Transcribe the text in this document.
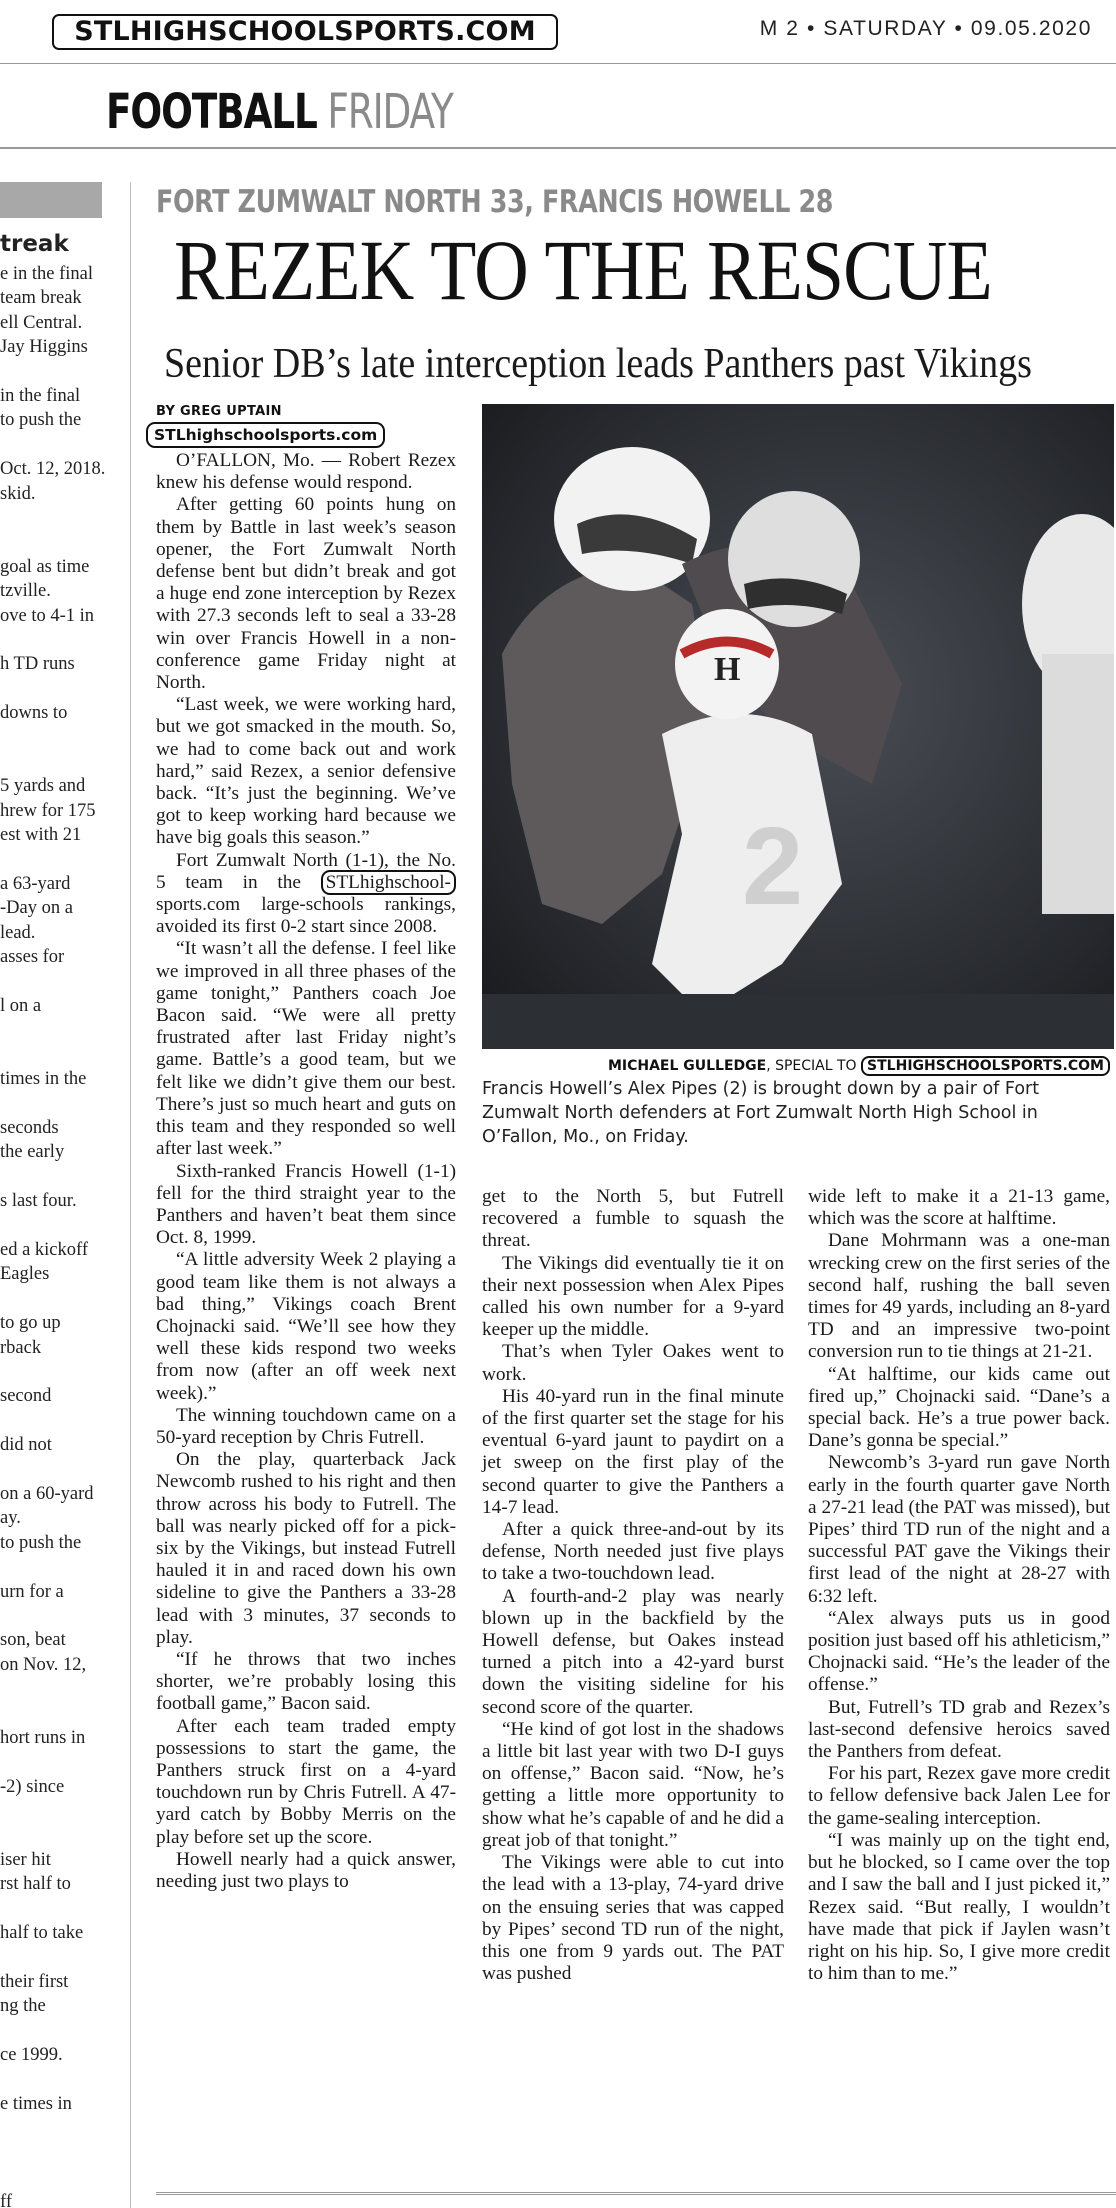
STLHIGHSCHOOLSPORTS.COM	M 2 • SATURDAY • 09.05.2020
FOOTBALL FRIDAY
treak
e in the final
team break
ell Central.
Jay Higgins
in the final
to push the
Oct. 12, 2018.
skid.
goal as time
tzville.
ove to 4-1 in
h TD runs
downs to
5 yards and
hrew for 175
est with 21
a 63-yard
-Day on a
lead.
asses for
l on a
times in the
seconds
the early
s last four.
ed a kickoff
Eagles
to go up
rback
second
did not
on a 60-yard
ay.
to push the
urn for a
son, beat
on Nov. 12,
hort runs in
-2) since
iser hit
rst half to
half to take
their first
ng the
ce 1999.
e times in
ff
FORT ZUMWALT NORTH 33, FRANCIS HOWELL 28
REZEK TO THE RESCUE
Senior DB’s late interception leads Panthers past Vikings
BY GREG UPTAIN
STLhighschoolsports.com
H
2
MICHAEL GULLEDGE, SPECIAL TO STLHIGHSCHOOLSPORTS.COM
Francis Howell’s Alex Pipes (2) is brought down by a pair of Fort Zumwalt North defenders at Fort Zumwalt North High School in O’Fallon, Mo., on Friday.

O’FALLON, Mo. — Robert Rezex knew his defense would respond.

After getting 60 points hung on them by Battle in last week’s season opener, the Fort Zumwalt North defense bent but didn’t break and got a huge end zone interception by Rezex with 27.3 seconds left to seal a 33-28 win over Francis Howell in a non-conference game Friday night at North.

“Last week, we were working hard, but we got smacked in the mouth. So, we had to come back out and work hard,” said Rezex, a senior defensive back. “It’s just the beginning. We’ve got to keep working hard because we have big goals this season.”

Fort Zumwalt North (1-1), the No. 5 team in the STLhighschool- sports.com large-schools rankings, avoided its first 0-2 start since 2008.

“It wasn’t all the defense. I feel like we improved in all three phases of the game tonight,” Panthers coach Joe Bacon said. “We were all pretty frustrated after last Friday night’s game. Battle’s a good team, but we felt like we didn’t give them our best. There’s just so much heart and guts on this team and they responded so well after last week.”

Sixth-ranked Francis Howell (1-1) fell for the third straight year to the Panthers and haven’t beat them since Oct. 8, 1999.

“A little adversity Week 2 playing a good team like them is not always a bad thing,” Vikings coach Brent Chojnacki said. “We’ll see how they well these kids respond two weeks from now (after an off week next week).”

The winning touchdown came on a 50-yard reception by Chris Futrell.

On the play, quarterback Jack Newcomb rushed to his right and then throw across his body to Futrell. The ball was nearly picked off for a pick-six by the Vikings, but instead Futrell hauled it in and raced down his own sideline to give the Panthers a 33-28 lead with 3 minutes, 37 seconds to play.

“If he throws that two inches shorter, we’re probably losing this football game,” Bacon said.

After each team traded empty possessions to start the game, the Panthers struck first on a 4-yard touchdown run by Chris Futrell. A 47-yard catch by Bobby Merris on the play before set up the score.

Howell nearly had a quick answer, needing just two plays to

get to the North 5, but Futrell recovered a fumble to squash the threat.

The Vikings did eventually tie it on their next possession when Alex Pipes called his own number for a 9-yard keeper up the middle.

That’s when Tyler Oakes went to work.

His 40-yard run in the final minute of the first quarter set the stage for his eventual 6-yard jaunt to paydirt on a jet sweep on the first play of the second quarter to give the Panthers a 14-7 lead.

After a quick three-and-out by its defense, North needed just five plays to take a two-touchdown lead.

A fourth-and-2 play was nearly blown up in the backfield by the Howell defense, but Oakes instead turned a pitch into a 42-yard burst down the visiting sideline for his second score of the quarter.

“He kind of got lost in the shadows a little bit last year with two D-I guys on offense,” Bacon said. “Now, he’s getting a little more opportunity to show what he’s capable of and he did a great job of that tonight.”

The Vikings were able to cut into the lead with a 13-play, 74-yard drive on the ensuing series that was capped by Pipes’ second TD run of the night, this one from 9 yards out. The PAT was pushed

wide left to make it a 21-13 game, which was the score at halftime.

Dane Mohrmann was a one-man wrecking crew on the first series of the second half, rushing the ball seven times for 49 yards, including an 8-yard TD and an impressive two-point conversion run to tie things at 21-21.

“At halftime, our kids came out fired up,” Chojnacki said. “Dane’s a special back. He’s a true power back. Dane’s gonna be special.”

Newcomb’s 3-yard run gave North early in the fourth quarter gave North a 27-21 lead (the PAT was missed), but Pipes’ third TD run of the night and a successful PAT gave the Vikings their first lead of the night at 28-27 with 6:32 left.

“Alex always puts us in good position just based off his athleticism,” Chojnacki said. “He’s the leader of the offense.”

But, Futrell’s TD grab and Rezex’s last-second defensive heroics saved the Panthers from defeat.

For his part, Rezex gave more credit to fellow defensive back Jalen Lee for the game-sealing interception.

“I was mainly up on the tight end, but he blocked, so I came over the top and I saw the ball and I just picked it,” Rezex said. “But really, I wouldn’t have made that pick if Jaylen wasn’t right on his hip. So, I give more credit to him than to me.”
